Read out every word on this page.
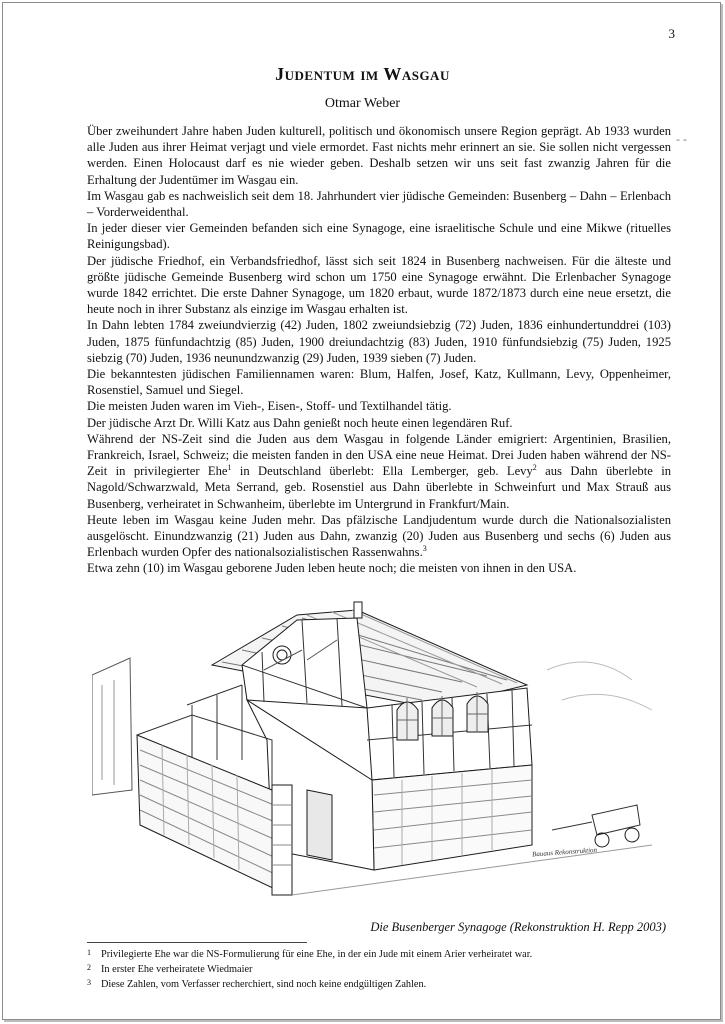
3
Judentum im Wasgau
Otmar Weber
- -

Über zweihundert Jahre haben Juden kulturell, politisch und ökonomisch unsere Region geprägt. Ab 1933 wurden alle Juden aus ihrer Heimat verjagt und viele ermordet. Fast nichts mehr erinnert an sie. Sie sollen nicht vergessen werden. Einen Holocaust darf es nie wieder geben. Deshalb setzen wir uns seit fast zwanzig Jahren für die Erhaltung der Judentümer im Wasgau ein.

Im Wasgau gab es nachweislich seit dem 18. Jahrhundert vier jüdische Gemeinden: Busenberg – Dahn – Erlenbach – Vorderweidenthal.

In jeder dieser vier Gemeinden befanden sich eine Synagoge, eine israelitische Schule und eine Mikwe (rituelles Reinigungsbad).

Der jüdische Friedhof, ein Verbandsfriedhof, lässt sich seit 1824 in Busenberg nachweisen. Für die älteste und größte jüdische Gemeinde Busenberg wird schon um 1750 eine Synagoge erwähnt. Die Erlenbacher Synagoge wurde 1842 errichtet. Die erste Dahner Synagoge, um 1820 erbaut, wurde 1872/1873 durch eine neue ersetzt, die heute noch in ihrer Substanz als einzige im Wasgau erhalten ist.

In Dahn lebten 1784 zweiundvierzig (42) Juden, 1802 zweiundsiebzig (72) Juden, 1836 einhundertunddrei (103) Juden, 1875 fünfundachtzig (85) Juden, 1900 dreiundachtzig (83) Juden, 1910 fünfundsiebzig (75) Juden, 1925 siebzig (70) Juden, 1936 neunundzwanzig (29) Juden, 1939 sieben (7) Juden.

Die bekanntesten jüdischen Familiennamen waren: Blum, Halfen, Josef, Katz, Kullmann, Levy, Oppenheimer, Rosenstiel, Samuel und Siegel.

Die meisten Juden waren im Vieh-, Eisen-, Stoff- und Textilhandel tätig.

Der jüdische Arzt Dr. Willi Katz aus Dahn genießt noch heute einen legendären Ruf.

Während der NS-Zeit sind die Juden aus dem Wasgau in folgende Länder emigriert: Argentinien, Brasilien, Frankreich, Israel, Schweiz; die meisten fanden in den USA eine neue Heimat. Drei Juden haben während der NS-Zeit in privilegierter Ehe$^1$ in Deutschland überlebt: Ella Lemberger, geb. Levy$^2$ aus Dahn überlebte in Nagold/Schwarzwald, Meta Serrand, geb. Rosenstiel aus Dahn überlebte in Schweinfurt und Max Strauß aus Busenberg, verheiratet in Schwanheim, überlebte im Untergrund in Frankfurt/Main.

Heute leben im Wasgau keine Juden mehr. Das pfälzische Landjudentum wurde durch die Nationalsozialisten ausgelöscht. Einundzwanzig (21) Juden aus Dahn, zwanzig (20) Juden aus Busenberg und sechs (6) Juden aus Erlenbach wurden Opfer des nationalsozialistischen Rassenwahns.$^3$

Etwa zehn (10) im Wasgau geborene Juden leben heute noch; die meisten von ihnen in den USA.

Bauaus Rekonstruktion
Die Busenberger Synagoge (Rekonstruktion H. Repp 2003)
1 Privilegierte Ehe war die NS-Formulierung für eine Ehe, in der ein Jude mit einem Arier verheiratet war.
2 In erster Ehe verheiratete Wiedmaier
3 Diese Zahlen, vom Verfasser recherchiert, sind noch keine endgültigen Zahlen.
